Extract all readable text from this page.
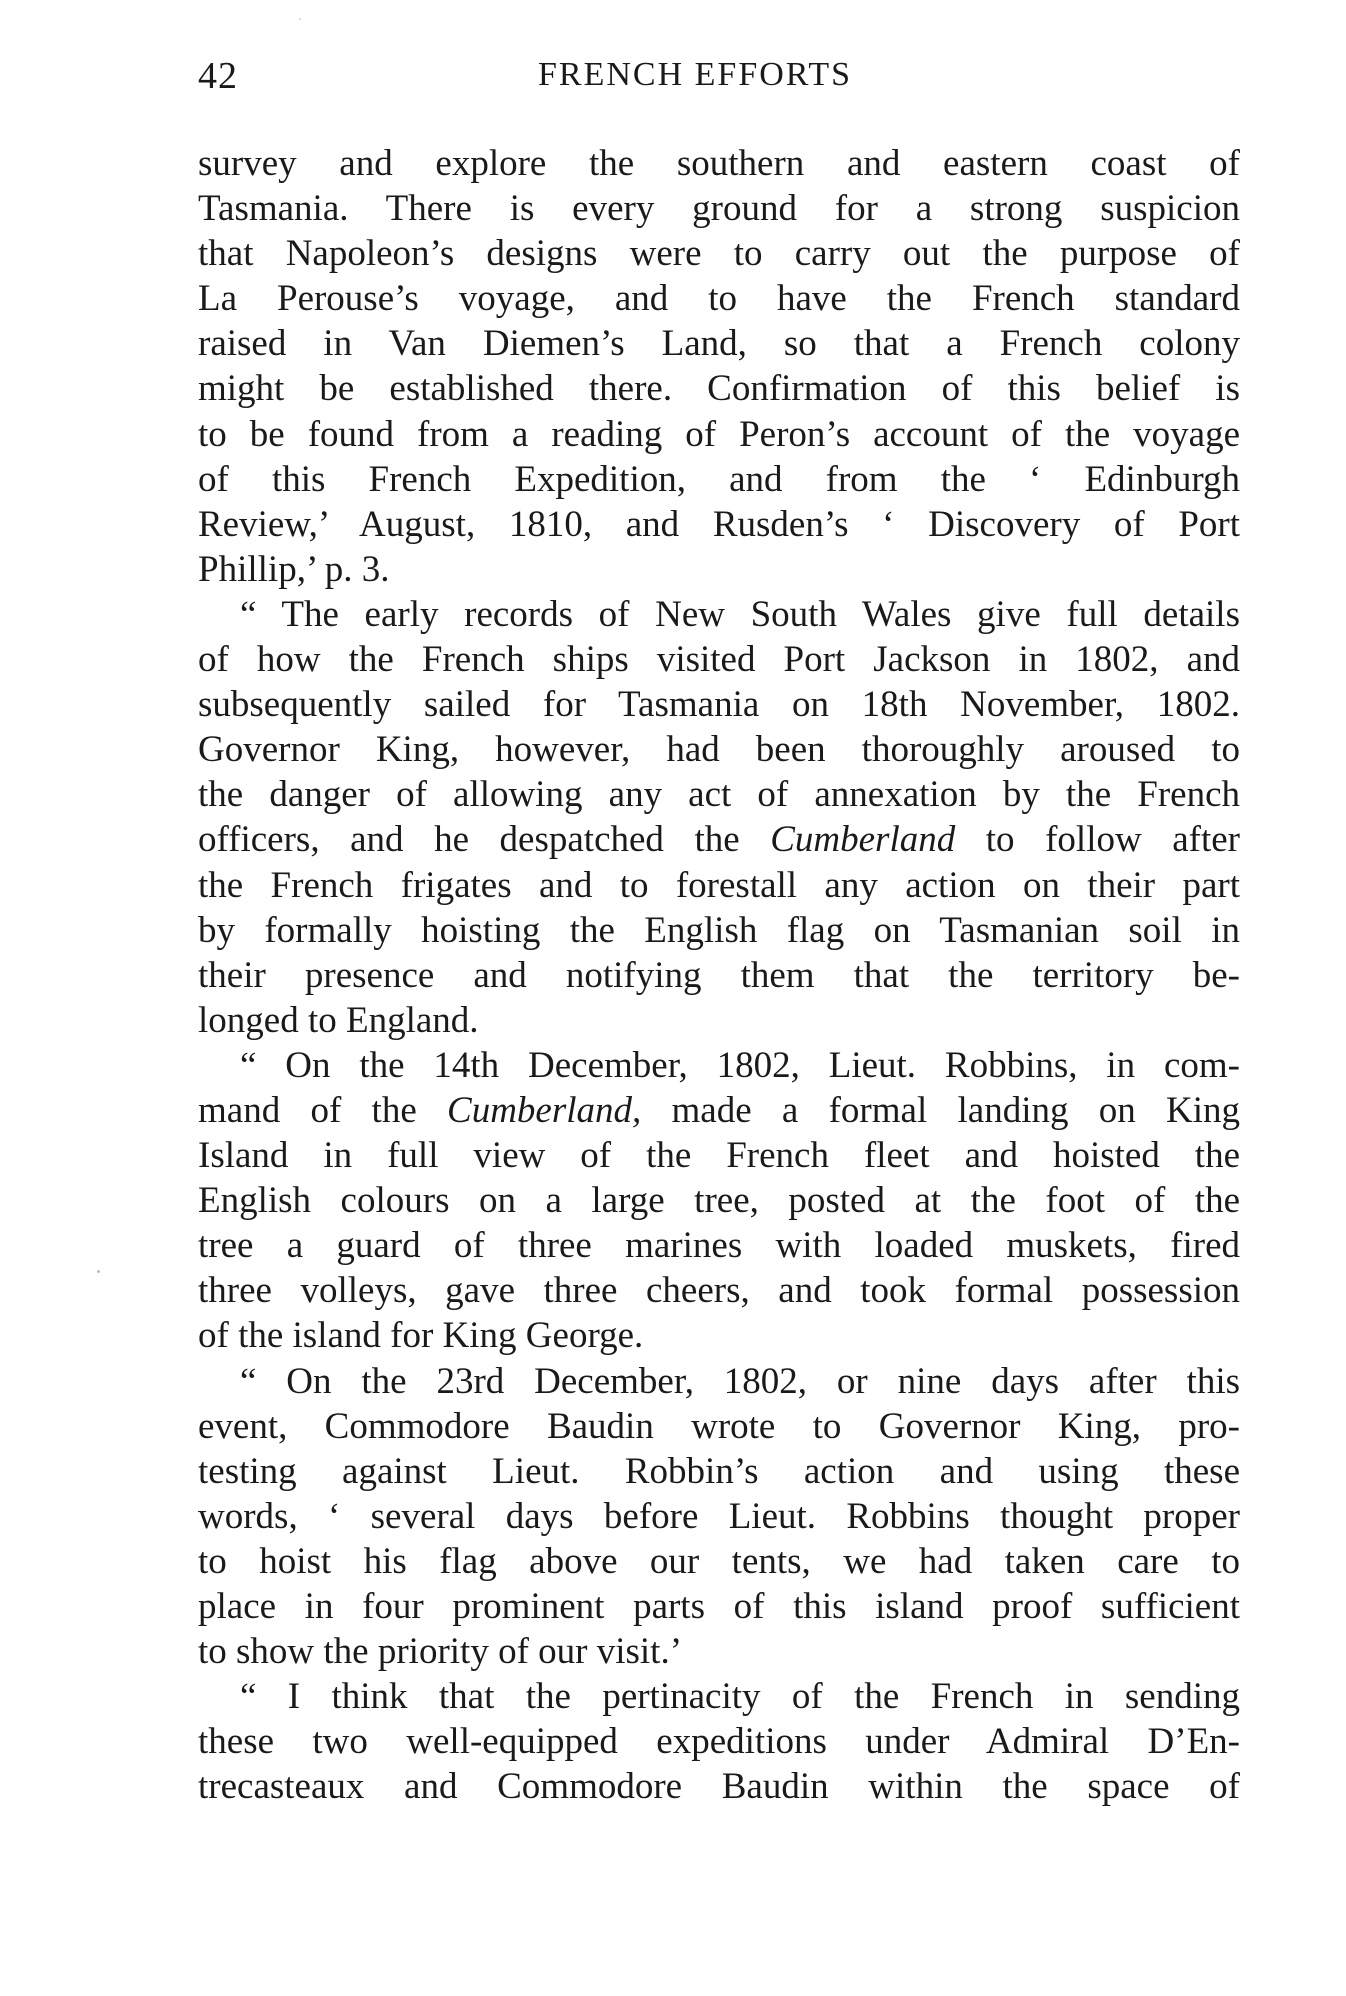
42	FRENCH EFFORTS
survey and explore the southern and eastern coast of
Tasmania. There is every ground for a strong suspicion
that Napoleon’s designs were to carry out the purpose of
La Perouse’s voyage, and to have the French standard
raised in Van Diemen’s Land, so that a French colony
might be established there. Confirmation of this belief is
to be found from a reading of Peron’s account of the voyage
of this French Expedition, and from the ‘ Edinburgh
Review,’ August, 1810, and Rusden’s ‘ Discovery of Port
Phillip,’ p. 3.
“ The early records of New South Wales give full details
of how the French ships visited Port Jackson in 1802, and
subsequently sailed for Tasmania on 18th November, 1802.
Governor King, however, had been thoroughly aroused to
the danger of allowing any act of annexation by the French
officers, and he despatched the Cumberland to follow after
the French frigates and to forestall any action on their part
by formally hoisting the English flag on Tasmanian soil in
their presence and notifying them that the territory be-
longed to England.
“ On the 14th December, 1802, Lieut. Robbins, in com-
mand of the Cumberland, made a formal landing on King
Island in full view of the French fleet and hoisted the
English colours on a large tree, posted at the foot of the
tree a guard of three marines with loaded muskets, fired
three volleys, gave three cheers, and took formal possession
of the island for King George.
“ On the 23rd December, 1802, or nine days after this
event, Commodore Baudin wrote to Governor King, pro-
testing against Lieut. Robbin’s action and using these
words, ‘ several days before Lieut. Robbins thought proper
to hoist his flag above our tents, we had taken care to
place in four prominent parts of this island proof sufficient
to show the priority of our visit.’
“ I think that the pertinacity of the French in sending
these two well-equipped expeditions under Admiral D’En-
trecasteaux and Commodore Baudin within the space of
